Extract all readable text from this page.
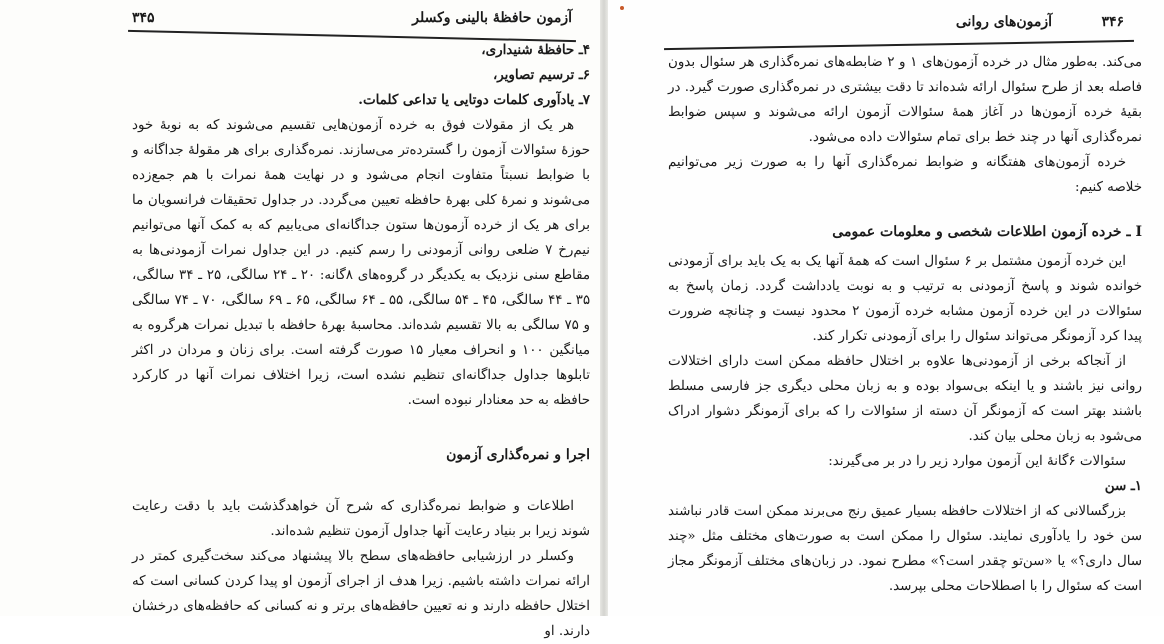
آزمون حافظهٔ بالینی وکسلر
۳۴۵
۴ـ حافظهٔ شنیداری،
۶ـ ترسیم تصاویر،
۷ـ یادآوری کلمات دوتایی یا تداعی کلمات.

هر یک از مقولات فوق به خرده آزمون‌هایی تقسیم می‌شوند که به نوبهٔ خود حوزهٔ سئوالات آزمون را گسترده‌تر می‌سازند. نمره‌گذاری برای هر مقولهٔ جداگانه و با ضوابط نسبتاً متفاوت انجام می‌شود و در نهایت همهٔ نمرات با هم جمع‌زده می‌شوند و نمرهٔ کلی بهرهٔ حافظه تعیین می‌گردد. در جداول تحقیقات فرانسویان ما برای هر یک از خرده آزمون‌ها ستون جداگانه‌ای می‌یابیم که به کمک آنها می‌توانیم نیم‌رخ ۷ ضلعی روانی آزمودنی را رسم کنیم. در این جداول نمرات آزمودنی‌ها به مقاطع سنی نزدیک به یکدیگر در گروه‌های ۸گانه: ۲۰ ـ ۲۴ سالگی، ۲۵ ـ ۳۴ سالگی، ۳۵ ـ ۴۴ سالگی، ۴۵ ـ ۵۴ سالگی، ۵۵ ـ ۶۴ سالگی، ۶۵ ـ ۶۹ سالگی، ۷۰ ـ ۷۴ سالگی و ۷۵ سالگی به بالا تقسیم شده‌اند. محاسبهٔ بهرهٔ حافظه با تبدیل نمرات هرگروه به میانگین ۱۰۰ و انحراف معیار ۱۵ صورت گرفته است. برای زنان و مردان در اکثر تابلوها جداول جداگانه‌ای تنظیم نشده است، زیرا اختلاف نمرات آنها در کارکرد حافظه به حد معنادار نبوده است.

اجرا و نمره‌گذاری آزمون

اطلاعات و ضوابط نمره‌گذاری که شرح آن خواهدگذشت باید با دقت رعایت شوند زیرا بر بنیاد رعایت آنها جداول آزمون تنظیم شده‌اند.

وکسلر در ارزشیابی حافظه‌های سطح بالا پیشنهاد می‌کند سخت‌گیری کمتر در ارائه نمرات داشته باشیم. زیرا هدف از اجرای آزمون او پیدا کردن کسانی است که اختلال حافظه دارند و نه تعیین حافظه‌های برتر و نه کسانی که حافظه‌های درخشان دارند. او

آزمون‌های روانی	۳۴۶

می‌کند. به‌طور مثال در خرده آزمون‌های ۱ و ۲ ضابطه‌های نمره‌گذاری هر سئوال بدون فاصله بعد از طرح سئوال ارائه شده‌اند تا دقت بیشتری در نمره‌گذاری صورت گیرد. در بقیهٔ خرده آزمون‌ها در آغاز همهٔ سئوالات آزمون ارائه می‌شوند و سپس ضوابط نمره‌گذاری آنها در چند خط برای تمام سئوالات داده می‌شود.

خرده آزمون‌های هفتگانه و ضوابط نمره‌گذاری آنها را به صورت زیر می‌توانیم خلاصه کنیم:

I ـ خرده آزمون اطلاعات شخصی و معلومات عمومی

این خرده آزمون مشتمل بر ۶ سئوال است که همهٔ آنها یک به یک باید برای آزمودنی خوانده شوند و پاسخ آزمودنی به ترتیب و به نوبت یادداشت گردد. زمان پاسخ به سئوالات در این خرده آزمون مشابه خرده آزمون ۲ محدود نیست و چنانچه ضرورت پیدا کرد آزمونگر می‌تواند سئوال را برای آزمودنی تکرار کند.

از آنجاکه برخی از آزمودنی‌ها علاوه بر اختلال حافظه ممکن است دارای اختلالات روانی نیز باشند و یا اینکه بی‌سواد بوده و به زبان محلی دیگری جز فارسی مسلط باشند بهتر است که آزمونگر آن دسته از سئوالات را که برای آزمونگر دشوار ادراک می‌شود به زبان محلی بیان کند.

سئوالات ۶گانهٔ این آزمون موارد زیر را در بر می‌گیرند:

۱ـ سن

بزرگسالانی که از اختلالات حافظه بسیار عمیق رنج می‌برند ممکن است قادر نباشند سن خود را یادآوری نمایند. سئوال را ممکن است به صورت‌های مختلف مثل «چند سال داری؟» یا «سن‌تو چقدر است؟» مطرح نمود. در زبان‌های مختلف آزمونگر مجاز است که سئوال را با اصطلاحات محلی بپرسد.
